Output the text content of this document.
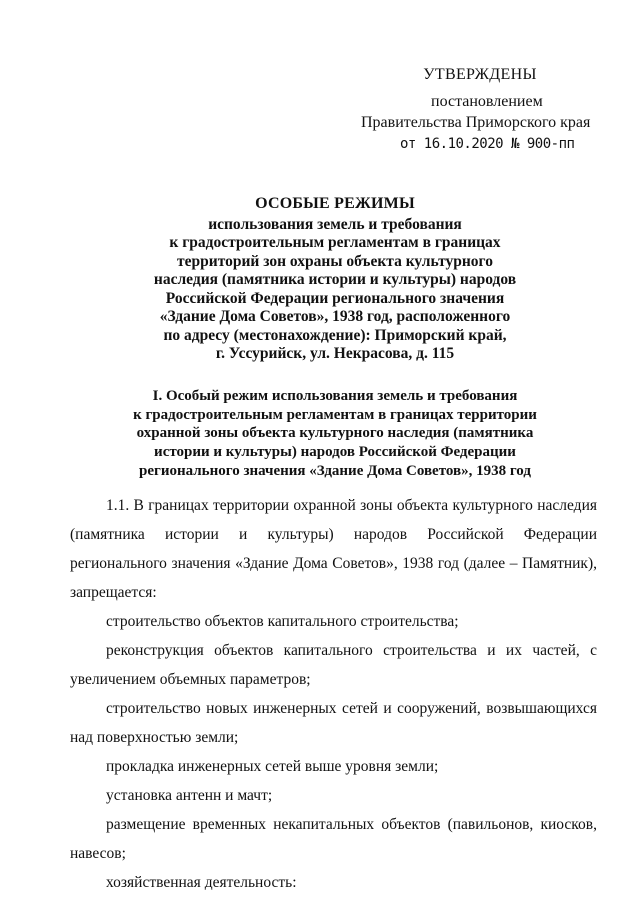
УТВЕРЖДЕНЫ
постановлением
Правительства Приморского края
от 16.10.2020 № 900-пп
ОСОБЫЕ РЕЖИМЫ
использования земель и требования
к градостроительным регламентам в границах
территорий зон охраны объекта культурного
наследия (памятника истории и культуры) народов
Российской Федерации регионального значения
«Здание Дома Советов», 1938 год, расположенного
по адресу (местонахождение): Приморский край,
г. Уссурийск, ул. Некрасова, д. 115
I. Особый режим использования земель и требования
к градостроительным регламентам в границах территории
охранной зоны объекта культурного наследия (памятника
истории и культуры) народов Российской Федерации
регионального значения «Здание Дома Советов», 1938 год

1.1. В границах территории охранной зоны объекта культурного наследия (памятника истории и культуры) народов Российской Федерации регионального значения «Здание Дома Советов», 1938 год (далее – Памятник), запрещается:

строительство объектов капитального строительства;

реконструкция объектов капитального строительства и их частей, с увеличением объемных параметров;

строительство новых инженерных сетей и сооружений, возвышающихся над поверхностью земли;

прокладка инженерных сетей выше уровня земли;

установка антенн и мачт;

размещение временных некапитальных объектов (павильонов, киосков, навесов;

хозяйственная деятельность:
